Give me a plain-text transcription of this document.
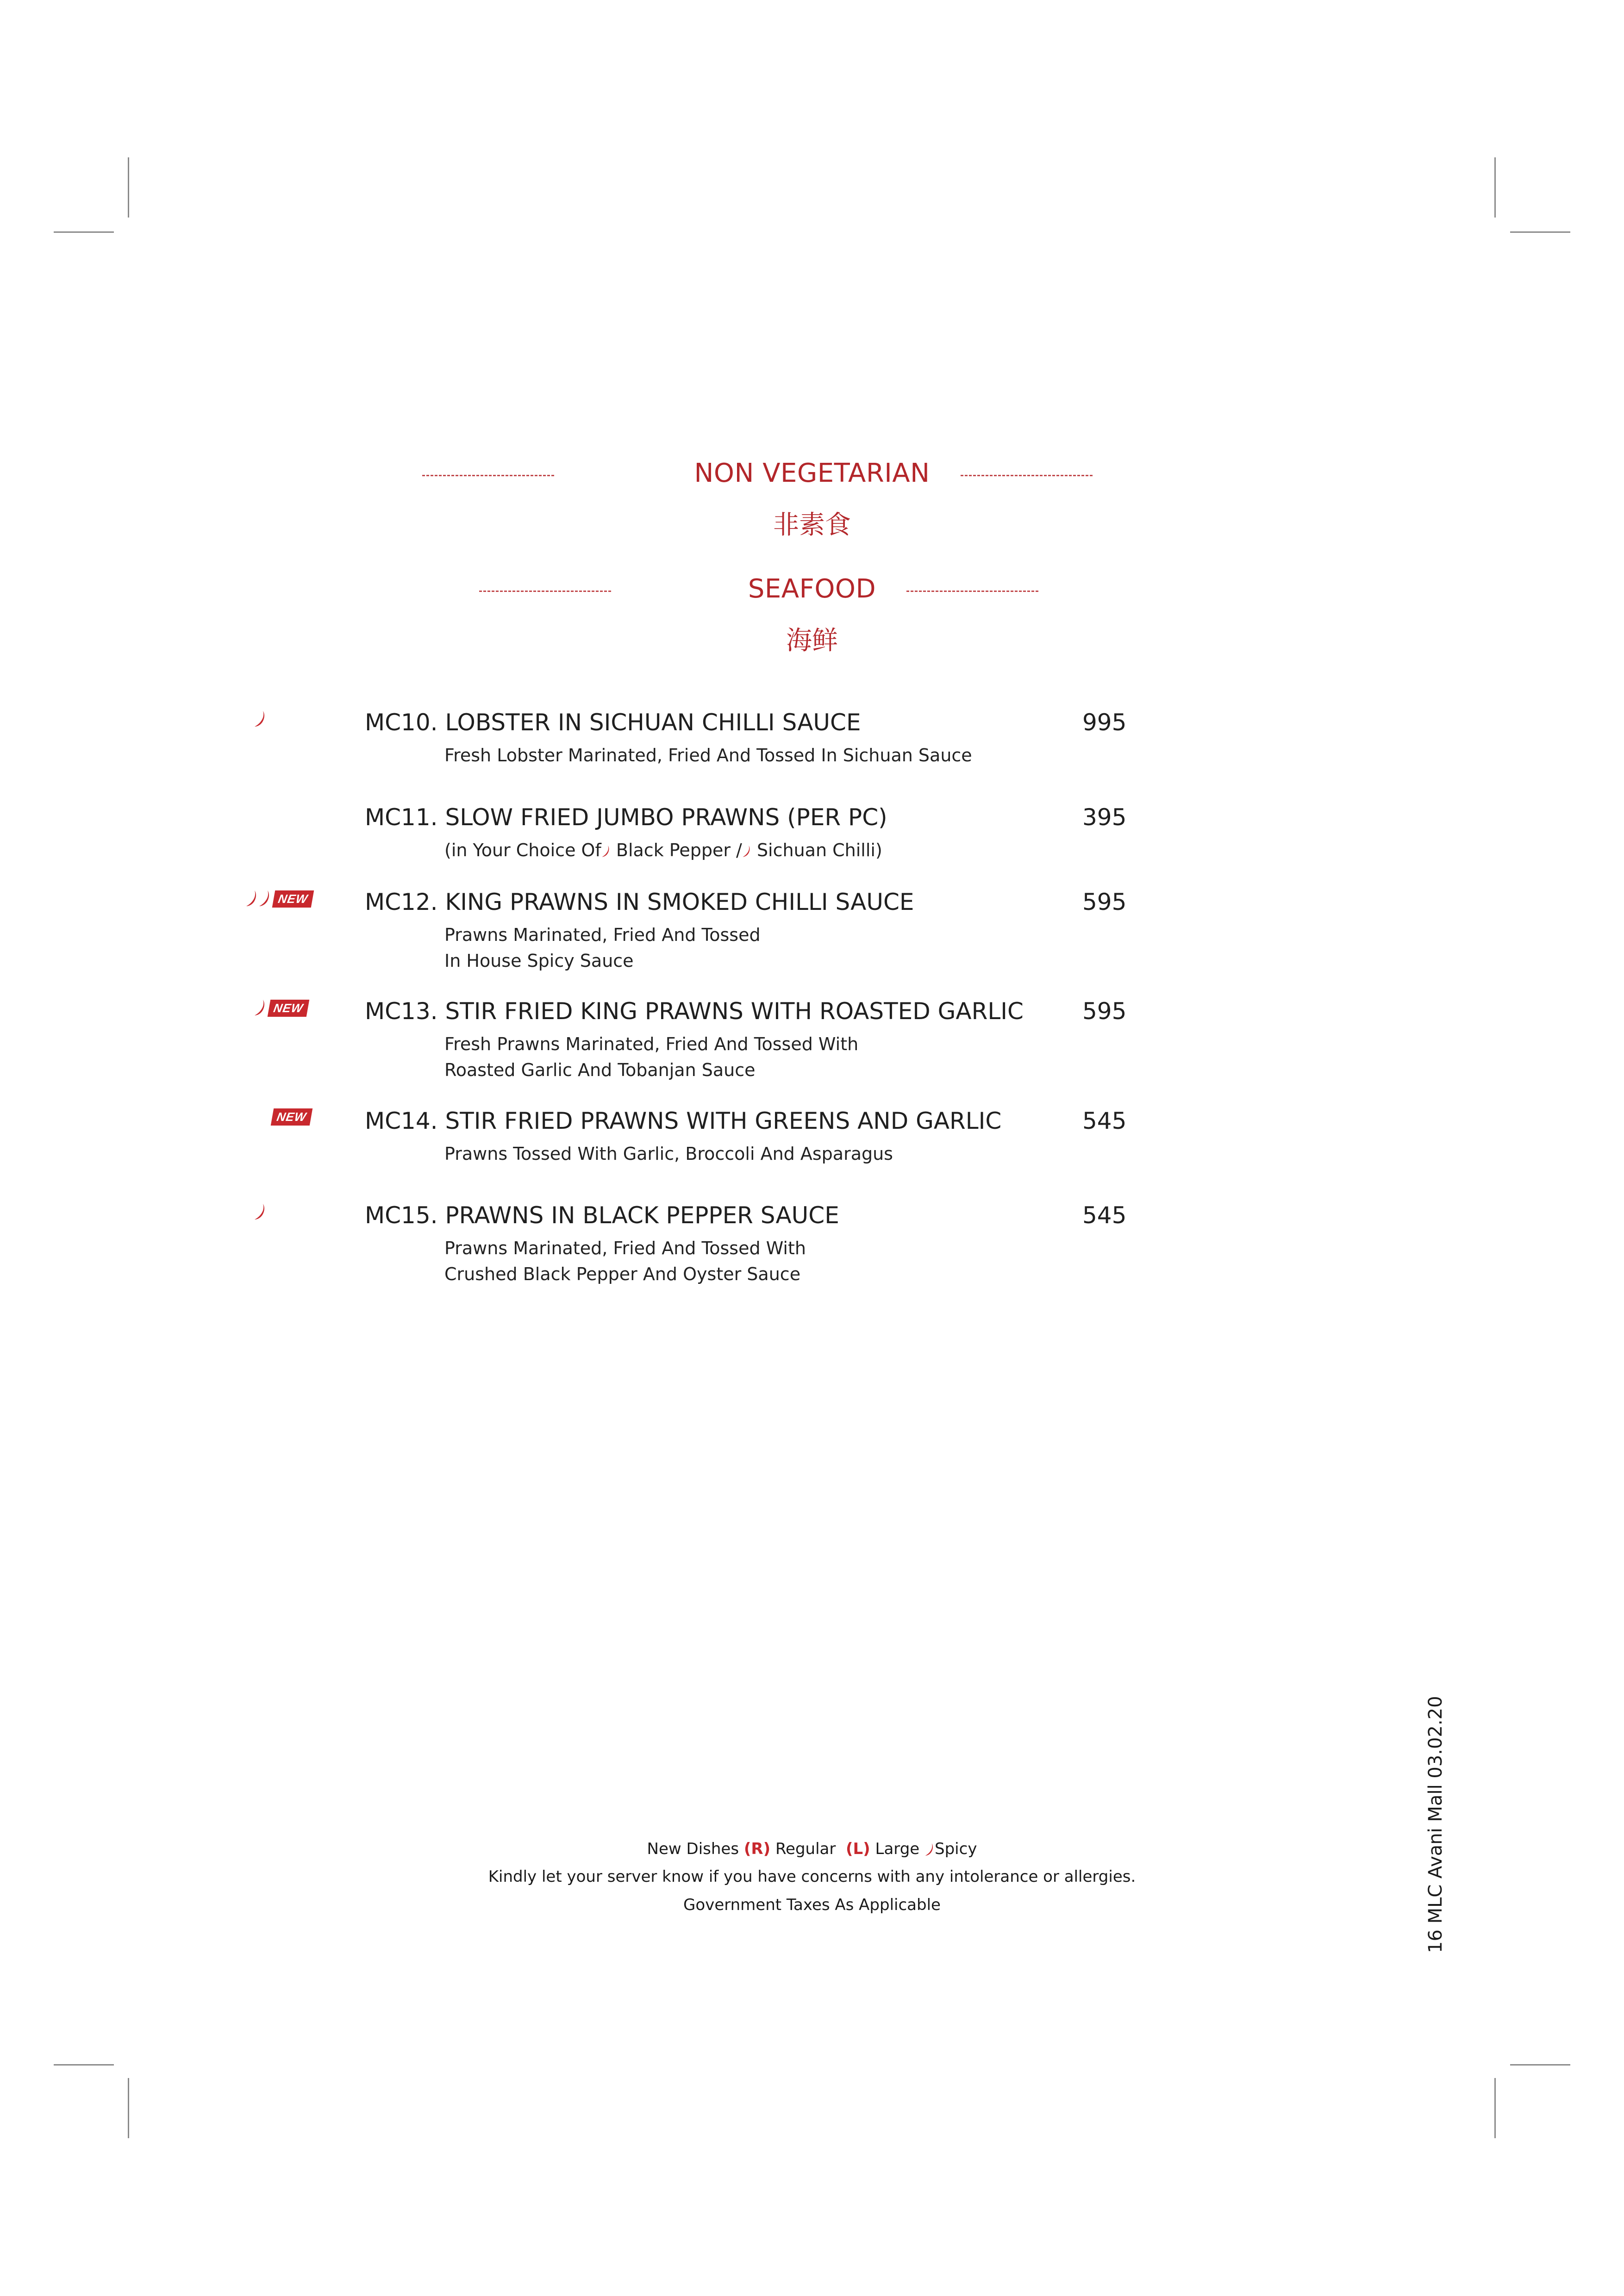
NON VEGETARIAN
非素食
SEAFOOD
海鲜
MC10. LOBSTER IN SICHUAN CHILLI SAUCE	995
Fresh Lobster Marinated, Fried And Tossed In Sichuan Sauce
MC11. SLOW FRIED JUMBO PRAWNS (PER PC)	395
(in Your Choice Of Black Pepper / Sichuan Chilli)
NEW MC12. KING PRAWNS IN SMOKED CHILLI SAUCE	595
Prawns Marinated, Fried And Tossed
In House Spicy Sauce
NEW	MC13. STIR FRIED KING PRAWNS WITH ROASTED GARLIC	595
Fresh Prawns Marinated, Fried And Tossed With
Roasted Garlic And Tobanjan Sauce
NEW MC14. STIR FRIED PRAWNS WITH GREENS AND GARLIC	545
Prawns Tossed With Garlic, Broccoli And Asparagus
MC15. PRAWNS IN BLACK PEPPER SAUCE	545
Prawns Marinated, Fried And Tossed With
Crushed Black Pepper And Oyster Sauce
New Dishes (R) Regular (L) Large Spicy
Kindly let your server know if you have concerns with any intolerance or allergies.
Government Taxes As Applicable	16 MLC Avani Mall 03.02.20
